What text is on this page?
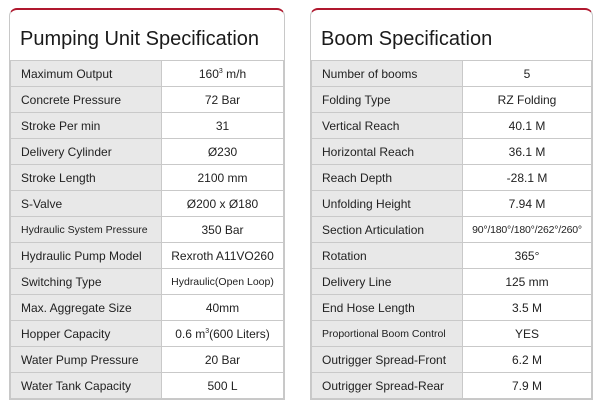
Pumping Unit Specification
Maximum Output	$160^3$ m/h
Concrete Pressure	72 Bar
Stroke Per min	31
Delivery Cylinder	Ø230
Stroke Length	2100 mm
S-Valve	Ø200 x Ø180
Hydraulic System Pressure	350 Bar
Hydraulic Pump Model	Rexroth A11VO260
Switching Type	Hydraulic(Open Loop)
Max. Aggregate Size	40mm
Hopper Capacity	0.6 $m^3(600$ Liters)
Water Pump Pressure	20 Bar
Water Tank Capacity	500 L
Boom Specification
Number of booms	5
Folding Type	RZ Folding
Vertical Reach	40.1 M
Horizontal Reach	36.1 M
Reach Depth	-28.1 M
Unfolding Height	7.94 M
Section Articulation	90°/180°/180°/262°/260°
Rotation	365°
Delivery Line	125 mm
End Hose Length	3.5 M
Proportional Boom Control	YES
Outrigger Spread-Front	6.2 M
Outrigger Spread-Rear	7.9 M
